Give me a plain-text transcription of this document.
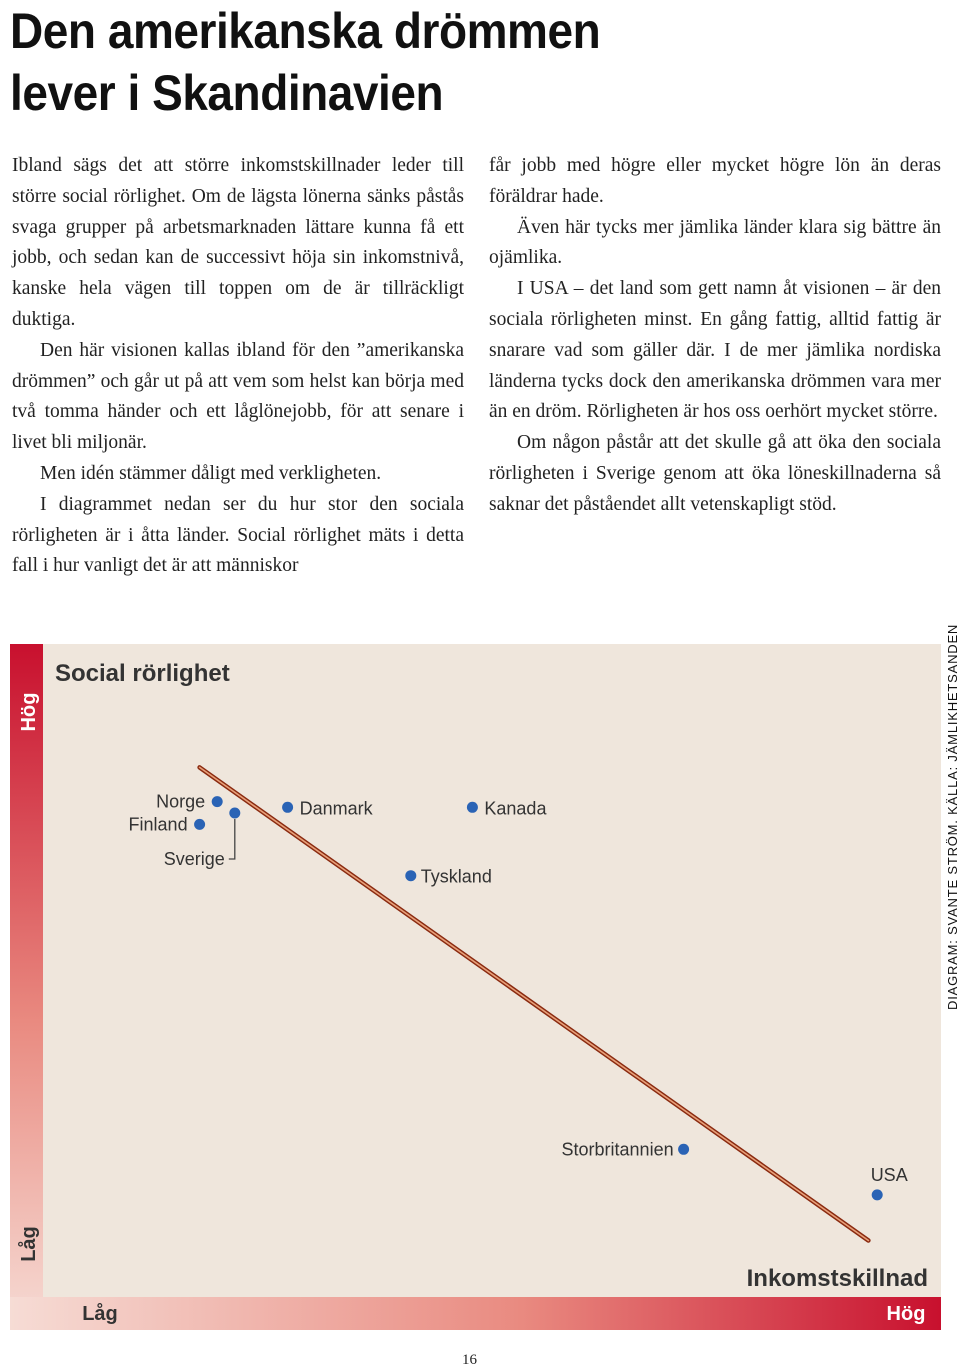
Den amerikanska drömmen
lever i Skandinavien

Ibland sägs det att större inkomstskillnader leder till större social rörlighet. Om de lägsta lönerna sänks påstås svaga grupper på arbetsmarknaden lättare kunna få ett jobb, och sedan kan de successivt höja sin inkomstnivå, kanske hela vägen till toppen om de är tillräckligt duktiga.

Den här visionen kallas ibland för den ”amerikanska drömmen” och går ut på att vem som helst kan börja med två tomma händer och ett låglönejobb, för att senare i livet bli miljonär.

Men idén stämmer dåligt med verkligheten.

I diagrammet nedan ser du hur stor den sociala rörligheten är i åtta länder. Social rörlighet mäts i detta fall i hur vanligt det är att människor

får jobb med högre eller mycket högre lön än deras föräldrar hade.

Även här tycks mer jämlika länder klara sig bättre än ojämlika.

I USA – det land som gett namn åt visionen – är den sociala rörligheten minst. En gång fattig, alltid fattig är snarare vad som gäller där. I de mer jämlika nordiska länderna tycks dock den amerikanska drömmen vara mer än en dröm. Rörligheten är hos oss oerhört mycket större.

Om någon påstår att det skulle gå att öka den sociala rörligheten i Sverige genom att öka löneskillnaderna så saknar det påståendet allt vetenskapligt stöd.

Hög
Låg
Låg	Hög
Social rörlighet
Inkomstskillnad
Norge
Finland
Sverige
Danmark	Kanada
Tyskland
Storbritannien
USA
DIAGRAM: SVANTE STRÖM. KÄLLA: JÄMLIKHETSANDEN
16
